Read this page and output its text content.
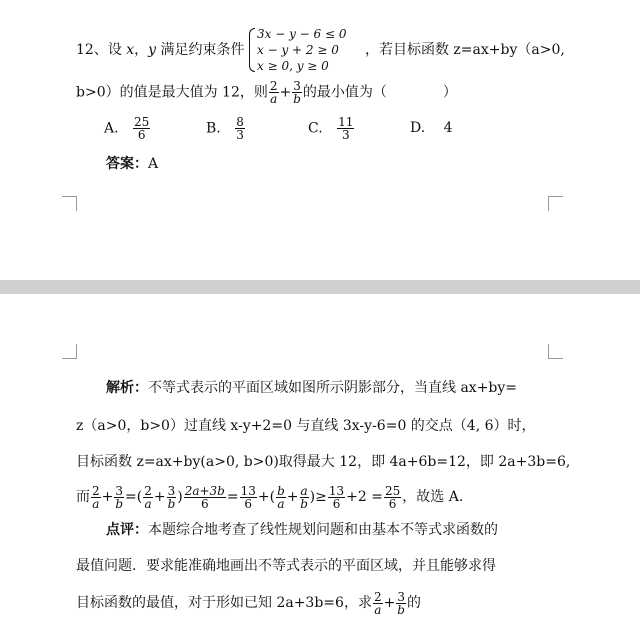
12、设 x，y 满足约束条件
3x − y − 6 ≤ 0
x − y + 2 ≥ 0
x ≥ 0, y ≥ 0
，若目标函数 z=ax+by（a>0,
b>0）的值是最大值为 12，则 $\frac{2}{a} + \frac{3}{b}$ 的最小值为（	）
A. $\frac{25}{6}$	B. $\frac{8}{3}$	C. $\frac{11}{3}$	D. 4
答案：A
解析：不等式表示的平面区域如图所示阴影部分，当直线 ax+by=
z（a>0，b>0）过直线 x-y+2=0 与直线 3x-y-6=0 的交点（4, 6）时，
目标函数 z=ax+by(a>0, b>0)取得最大 12，即 4a+6b=12，即 2a+3b=6,
而 $\frac{2}{a} + \frac{3}{b}$ =( $\frac{2}{a} + \frac{3}{b}$ ) $\frac{2a+3b}{6} = \frac{13}{6}$ +( $\frac{b}{a} + \frac{a}{b}$ )≥ $\frac{13}{6} +2 = \frac{25}{6}$ ，故选 A.
点评：本题综合地考查了线性规划问题和由基本不等式求函数的
最值问题．要求能准确地画出不等式表示的平面区域，并且能够求得
目标函数的最值，对于形如已知 2a+3b=6，求 $\frac{2}{a} + \frac{3}{b}$ 的
